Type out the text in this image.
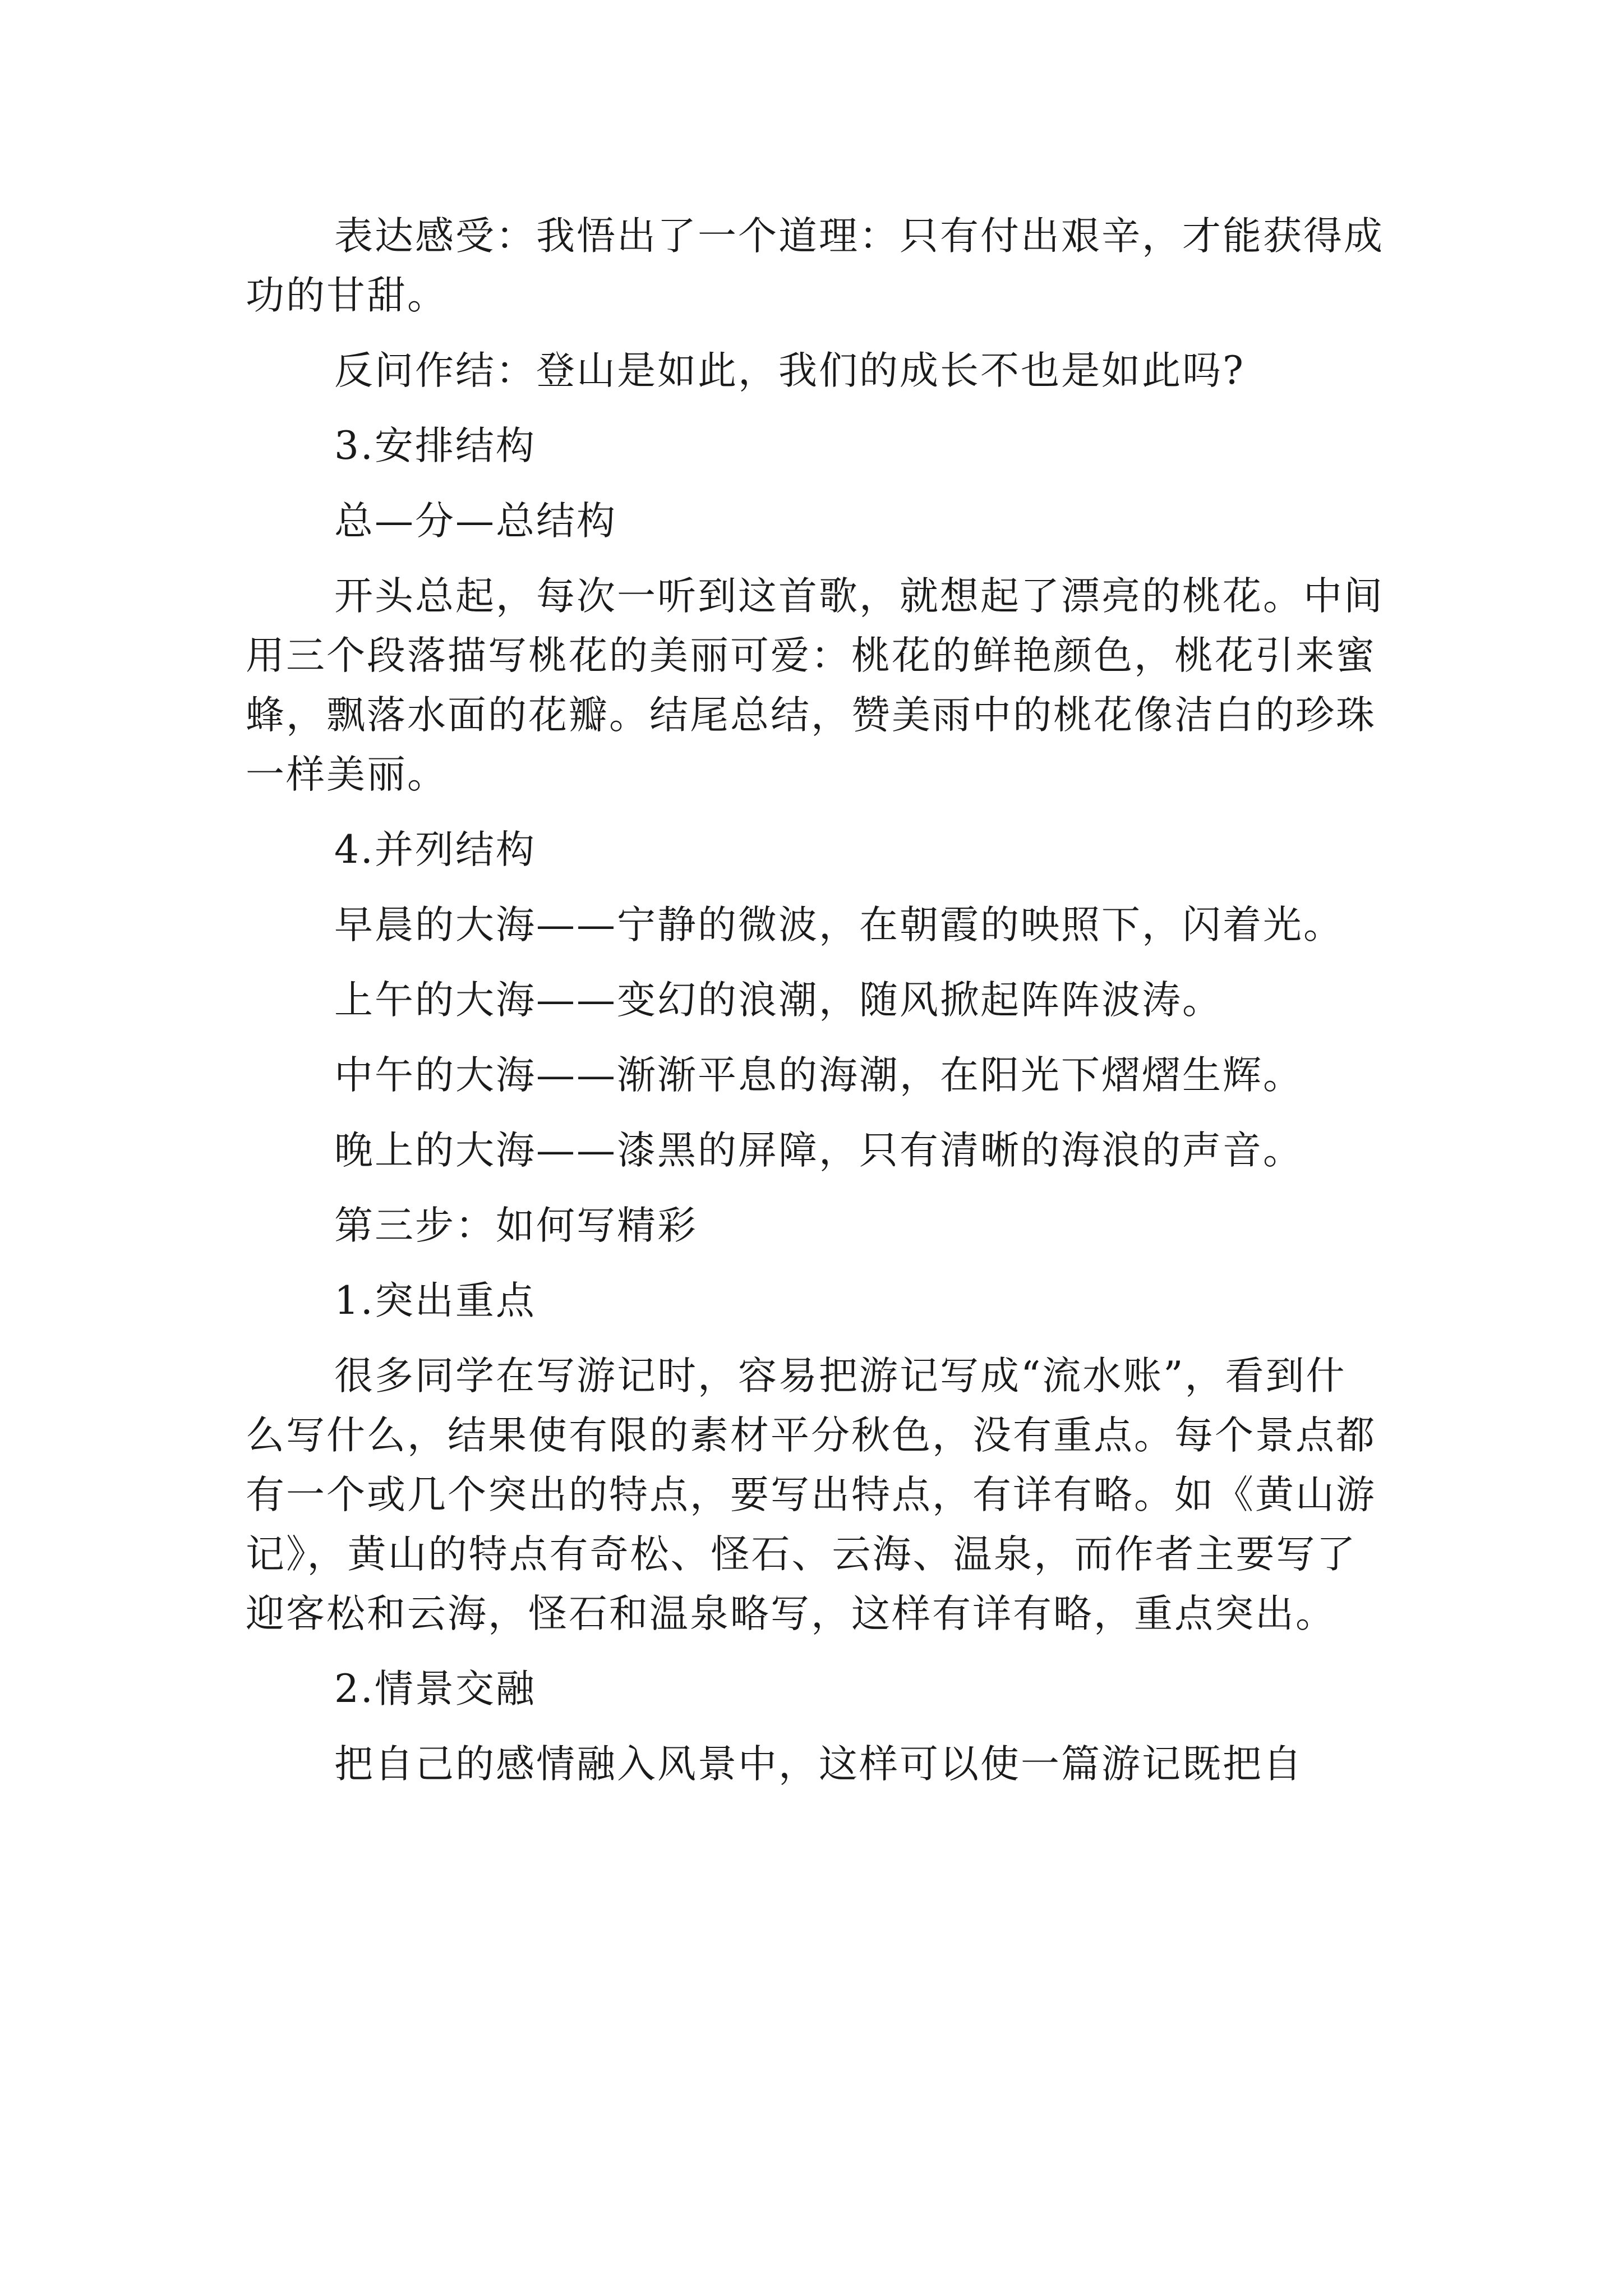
表达感受：我悟出了一个道理：只有付出艰辛，才能获得成功的甘甜。

反问作结：登山是如此，我们的成长不也是如此吗?

3.安排结构

总—分—总结构

开头总起，每次一听到这首歌，就想起了漂亮的桃花。中间用三个段落描写桃花的美丽可爱：桃花的鲜艳颜色，桃花引来蜜蜂，飘落水面的花瓣。结尾总结，赞美雨中的桃花像洁白的珍珠一样美丽。

4.并列结构

早晨的大海——宁静的微波，在朝霞的映照下，闪着光。

上午的大海——变幻的浪潮，随风掀起阵阵波涛。

中午的大海——渐渐平息的海潮，在阳光下熠熠生辉。

晚上的大海——漆黑的屏障，只有清晰的海浪的声音。

第三步：如何写精彩

1.突出重点

很多同学在写游记时，容易把游记写成“流水账”，看到什么写什么，结果使有限的素材平分秋色，没有重点。每个景点都有一个或几个突出的特点，要写出特点，有详有略。如《黄山游记》，黄山的特点有奇松、怪石、云海、温泉，而作者主要写了迎客松和云海，怪石和温泉略写，这样有详有略，重点突出。

2.情景交融

把自己的感情融入风景中，这样可以使一篇游记既把自
